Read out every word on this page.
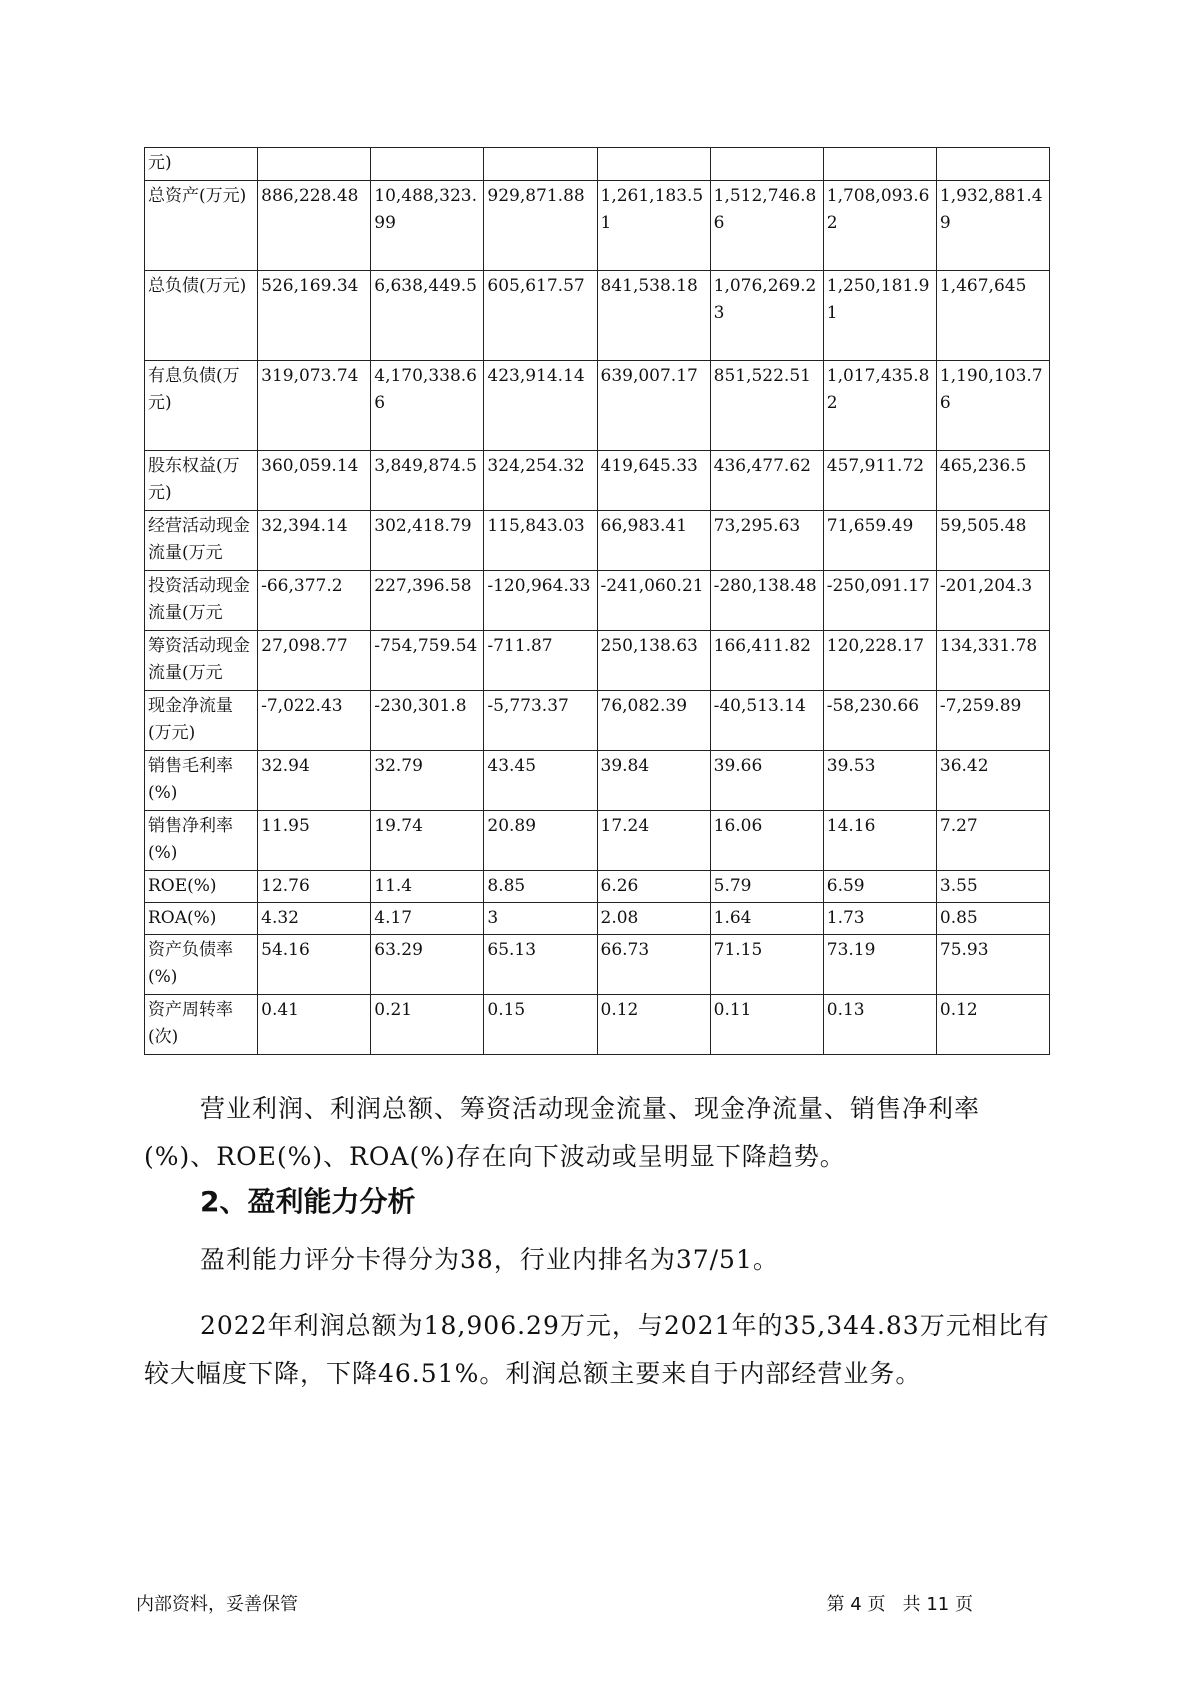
元)							
总资产(万元)	886,228.48	10,488,323.99	929,871.88	1,261,183.51	1,512,746.86	1,708,093.62	1,932,881.49
总负债(万元)	526,169.34	6,638,449.5	605,617.57	841,538.18	1,076,269.23	1,250,181.91	1,467,645
有息负债(万元)	319,073.74	4,170,338.66	423,914.14	639,007.17	851,522.51	1,017,435.82	1,190,103.76
股东权益(万元)	360,059.14	3,849,874.5	324,254.32	419,645.33	436,477.62	457,911.72	465,236.5
经营活动现金流量(万元	32,394.14	302,418.79	115,843.03	66,983.41	73,295.63	71,659.49	59,505.48
投资活动现金流量(万元	-66,377.2	227,396.58	-120,964.33	-241,060.21	-280,138.48	-250,091.17	-201,204.3
筹资活动现金流量(万元	27,098.77	-754,759.54	-711.87	250,138.63	166,411.82	120,228.17	134,331.78
现金净流量(万元)	-7,022.43	-230,301.8	-5,773.37	76,082.39	-40,513.14	-58,230.66	-7,259.89
销售毛利率(%)	32.94	32.79	43.45	39.84	39.66	39.53	36.42
销售净利率(%)	11.95	19.74	20.89	17.24	16.06	14.16	7.27
ROE(%)	12.76	11.4	8.85	6.26	5.79	6.59	3.55
ROA(%)	4.32	4.17	3	2.08	1.64	1.73	0.85
资产负债率(%)	54.16	63.29	65.13	66.73	71.15	73.19	75.93
资产周转率(次)	0.41	0.21	0.15	0.12	0.11	0.13	0.12

营业利润、利润总额、筹资活动现金流量、现金净流量、销售净利率(%)、ROE(%)、ROA(%)存在向下波动或呈明显下降趋势。

2、盈利能力分析

盈利能力评分卡得分为38，行业内排名为37/51。

2022年利润总额为18,906.29万元，与2021年的35,344.83万元相比有较大幅度下降，下降46.51%。利润总额主要来自于内部经营业务。

内部资料，妥善保管	第 4 页   共 11 页
